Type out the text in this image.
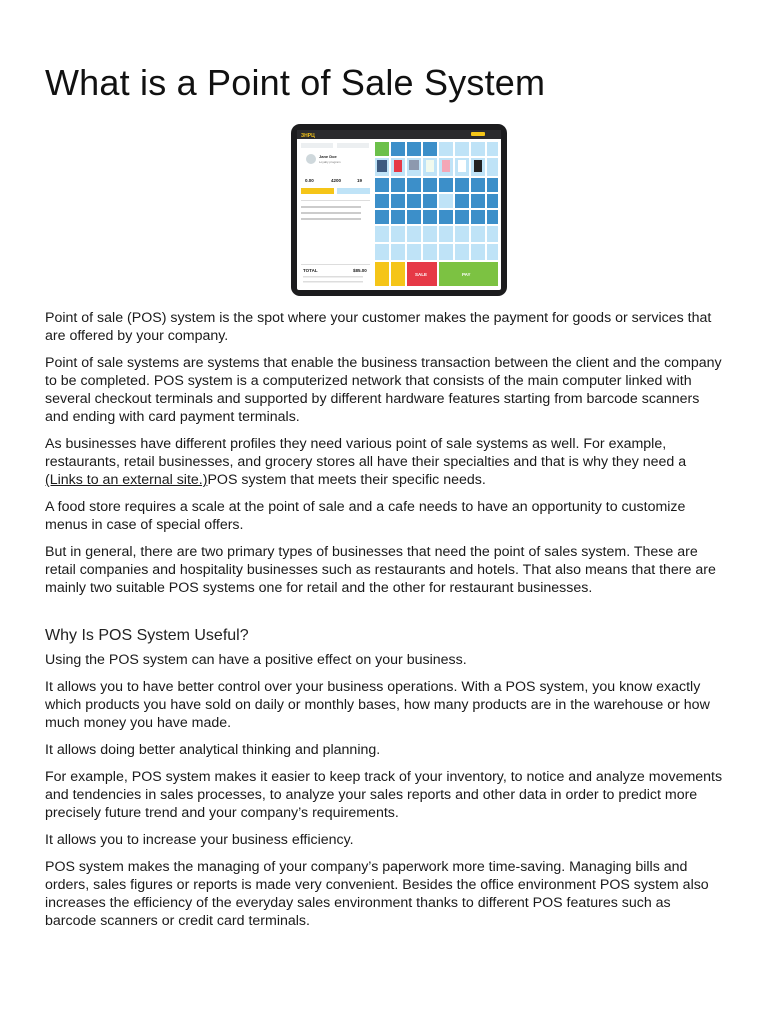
What is a Point of Sale System
ЗНРЦ
Jane Doe
Loyalty program
0.00	4200	19
TOTAL	$85.00
SALE	PAY

Point of sale (POS) system is the spot where your customer makes the payment for goods or services that are offered by your company.

Point of sale systems are systems that enable the business transaction between the client and the company to be completed. POS system is a computerized network that consists of the main computer linked with several checkout terminals and supported by different hardware features starting from barcode scanners and ending with card payment terminals.

As businesses have different profiles they need various point of sale systems as well. For example, restaurants, retail businesses, and grocery stores all have their specialties and that is why they need a (Links to an external site.)POS system that meets their specific needs.

A food store requires a scale at the point of sale and a cafe needs to have an opportunity to customize menus in case of special offers.

But in general, there are two primary types of businesses that need the point of sales system. These are retail companies and hospitality businesses such as restaurants and hotels. That also means that there are mainly two suitable POS systems one for retail and the other for restaurant businesses.

Why Is POS System Useful?

Using the POS system can have a positive effect on your business.

It allows you to have better control over your business operations. With a POS system, you know exactly which products you have sold on daily or monthly bases, how many products are in the warehouse or how much money you have made.

It allows doing better analytical thinking and planning.

For example, POS system makes it easier to keep track of your inventory, to notice and analyze movements and tendencies in sales processes, to analyze your sales reports and other data in order to predict more precisely future trend and your company’s requirements.

It allows you to increase your business efficiency.

POS system makes the managing of your company’s paperwork more time-saving. Managing bills and orders, sales figures or reports is made very convenient. Besides the office environment POS system also increases the efficiency of the everyday sales environment thanks to different POS features such as barcode scanners or credit card terminals.
